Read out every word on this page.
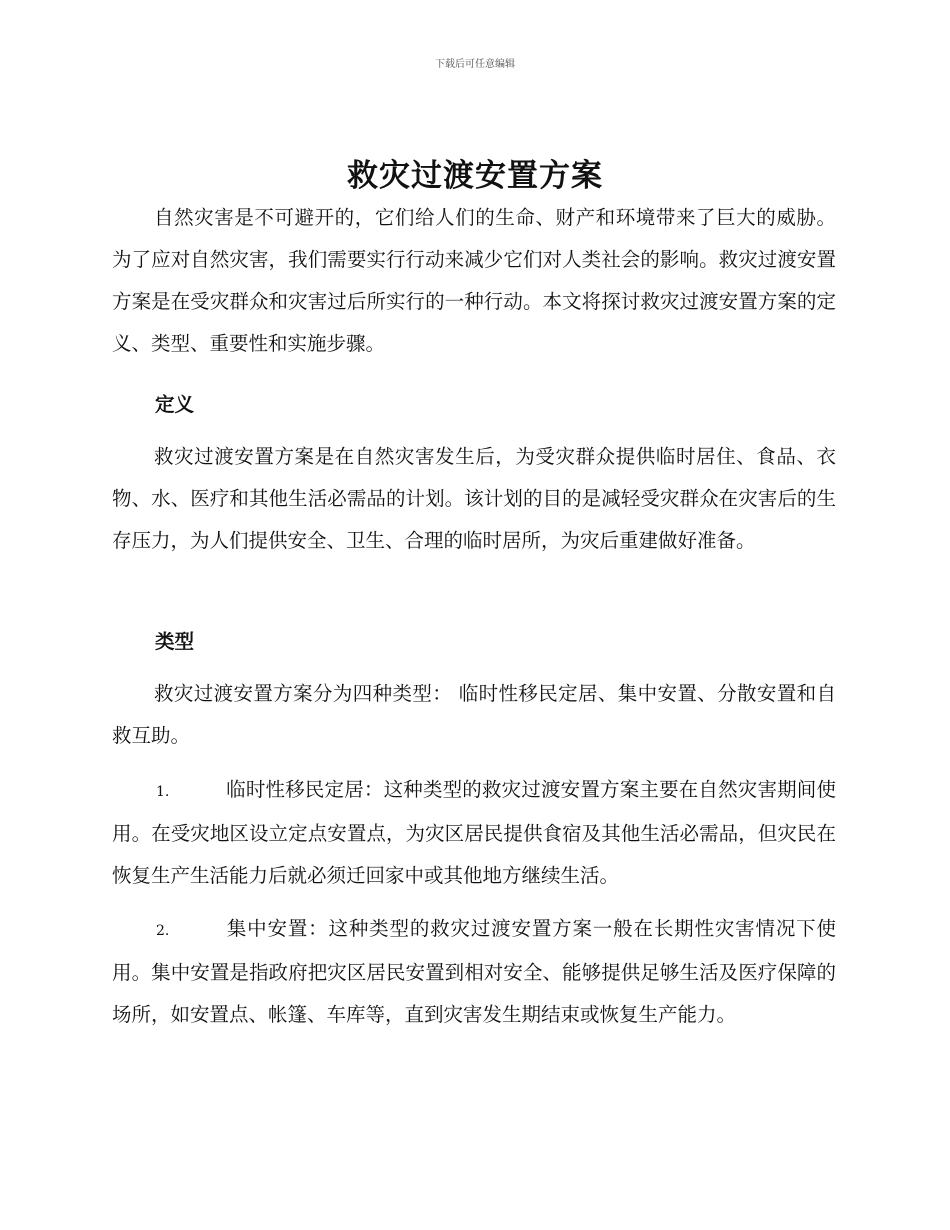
下载后可任意编辑
救灾过渡安置方案

自然灾害是不可避开的，它们给人们的生命、财产和环境带来了巨大的威胁。为了应对自然灾害，我们需要实行行动来减少它们对人类社会的影响。救灾过渡安置方案是在受灾群众和灾害过后所实行的一种行动。本文将探讨救灾过渡安置方案的定义、类型、重要性和实施步骤。

定义

救灾过渡安置方案是在自然灾害发生后，为受灾群众提供临时居住、食品、衣物、水、医疗和其他生活必需品的计划。该计划的目的是减轻受灾群众在灾害后的生存压力，为人们提供安全、卫生、合理的临时居所，为灾后重建做好准备。

类型

救灾过渡安置方案分为四种类型： 临时性移民定居、集中安置、分散安置和自救互助。

1.	临时性移民定居：这种类型的救灾过渡安置方案主要在自然灾害期间使用。在受灾地区设立定点安置点，为灾区居民提供食宿及其他生活必需品，但灾民在恢复生产生活能力后就必须迁回家中或其他地方继续生活。

2.	集中安置：这种类型的救灾过渡安置方案一般在长期性灾害情况下使用。集中安置是指政府把灾区居民安置到相对安全、能够提供足够生活及医疗保障的场所，如安置点、帐篷、车库等，直到灾害发生期结束或恢复生产能力。
